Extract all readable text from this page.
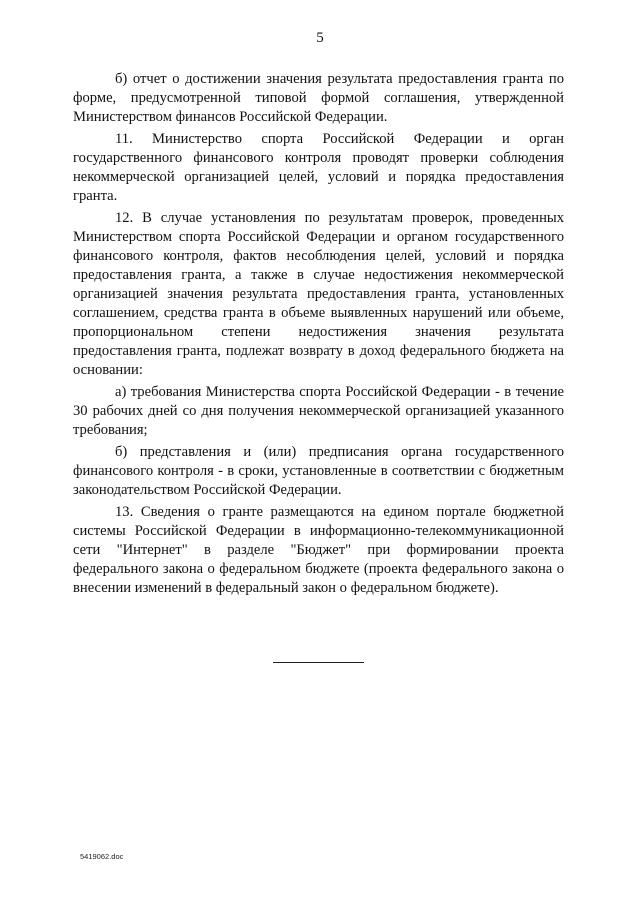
5

б) отчет о достижении значения результата предоставления гранта по форме, предусмотренной типовой формой соглашения, утвержденной Министерством финансов Российской Федерации.

11. Министерство спорта Российской Федерации и орган государственного финансового контроля проводят проверки соблюдения некоммерческой организацией целей, условий и порядка предоставления гранта.

12. В случае установления по результатам проверок, проведенных Министерством спорта Российской Федерации и органом государственного финансового контроля, фактов несоблюдения целей, условий и порядка предоставления гранта, а также в случае недостижения некоммерческой организацией значения результата предоставления гранта, установленных соглашением, средства гранта в объеме выявленных нарушений или объеме, пропорциональном степени недостижения значения результата предоставления гранта, подлежат возврату в доход федерального бюджета на основании:

а) требования Министерства спорта Российской Федерации - в течение 30 рабочих дней со дня получения некоммерческой организацией указанного требования;

б) представления и (или) предписания органа государственного финансового контроля - в сроки, установленные в соответствии с бюджетным законодательством Российской Федерации.

13. Сведения о гранте размещаются на едином портале бюджетной системы Российской Федерации в информационно-телекоммуникационной сети "Интернет" в разделе "Бюджет" при формировании проекта федерального закона о федеральном бюджете (проекта федерального закона о внесении изменений в федеральный закон о федеральном бюджете).

5419062.doc
